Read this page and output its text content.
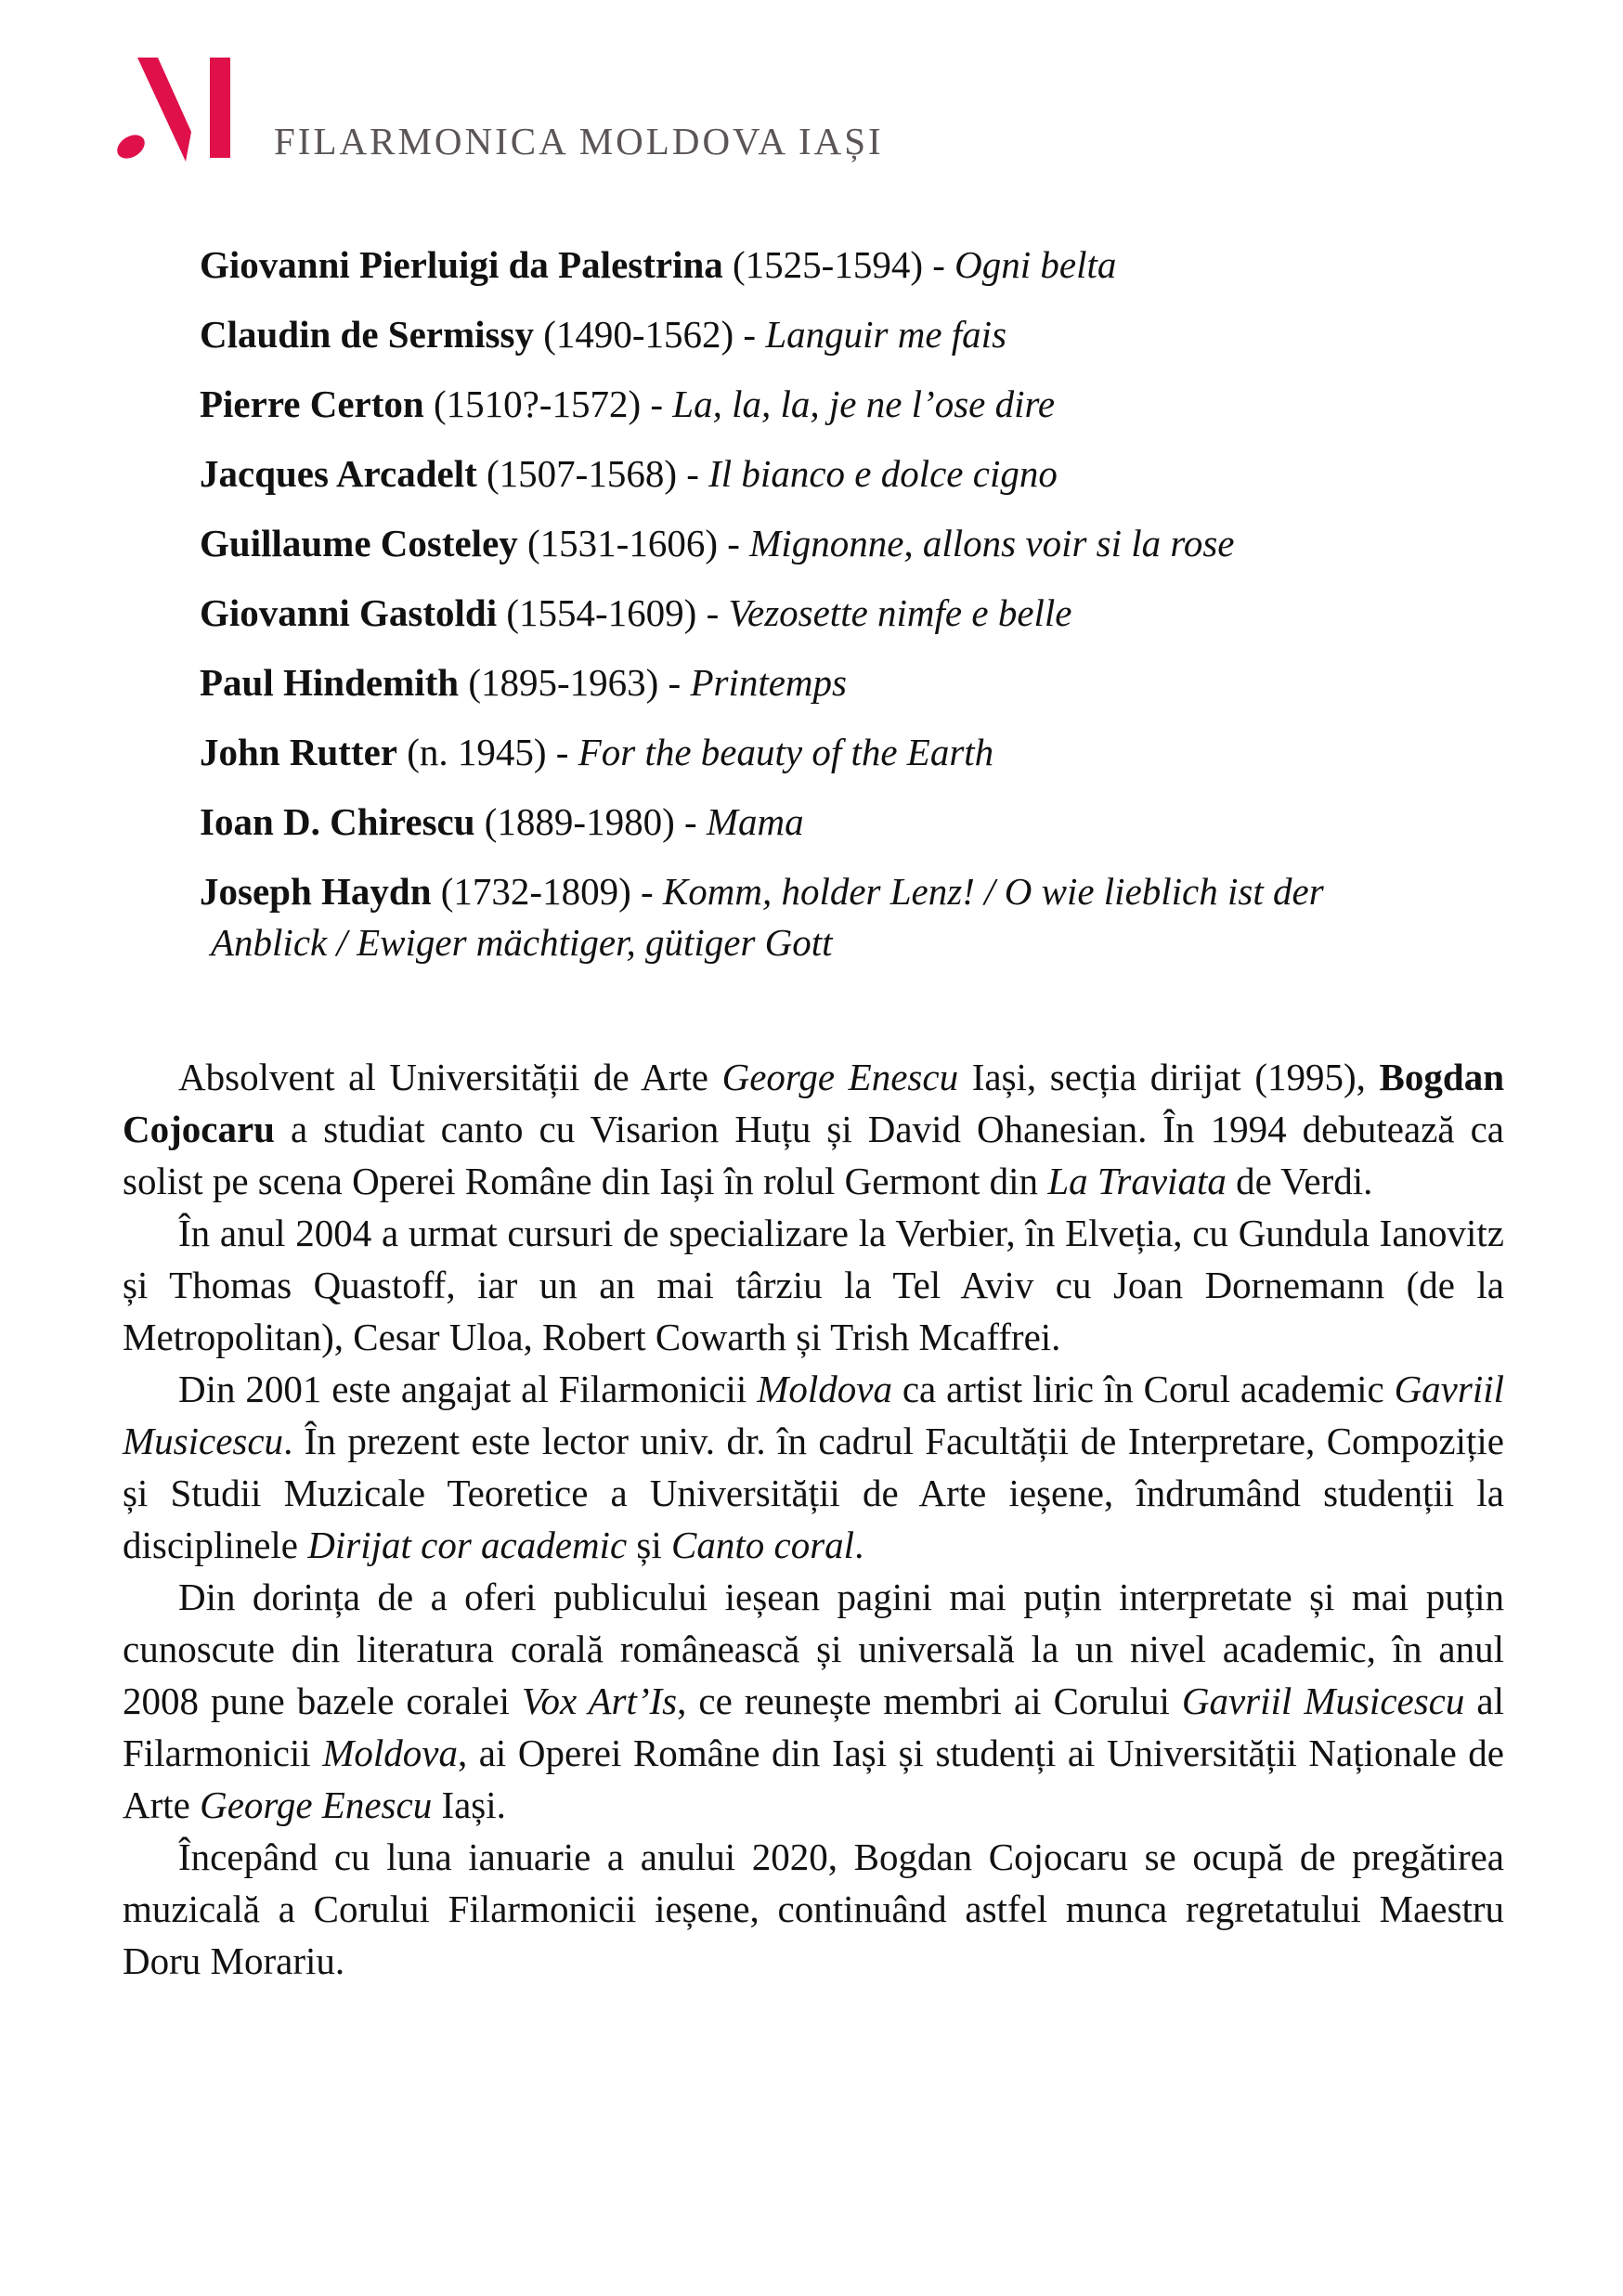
FILARMONICA MOLDOVA IAȘI
Giovanni Pierluigi da Palestrina (1525-1594) - Ogni belta
Claudin de Sermissy (1490-1562) - Languir me fais
Pierre Certon (1510?-1572) - La, la, la, je ne l’ose dire
Jacques Arcadelt (1507-1568) - Il bianco e dolce cigno
Guillaume Costeley (1531-1606) - Mignonne, allons voir si la rose
Giovanni Gastoldi (1554-1609) - Vezosette nimfe e belle
Paul Hindemith (1895-1963) - Printemps
John Rutter (n. 1945) - For the beauty of the Earth
Ioan D. Chirescu (1889-1980) - Mama
Joseph Haydn (1732-1809) - Komm, holder Lenz! / O wie lieblich ist der
Anblick / Ewiger mächtiger, gütiger Gott

Absolvent al Universității de Arte George Enescu Iași, secția dirijat (1995), Bogdan Cojocaru a studiat canto cu Visarion Huțu și David Ohanesian. În 1994 debutează ca solist pe scena Operei Române din Iași în rolul Germont din La Traviata de Verdi.

În anul 2004 a urmat cursuri de specializare la Verbier, în Elveția, cu Gundula Ianovitz și Thomas Quastoff, iar un an mai târziu la Tel Aviv cu Joan Dornemann (de la Metropolitan), Cesar Uloa, Robert Cowarth și Trish Mcaffrei.

Din 2001 este angajat al Filarmonicii Moldova ca artist liric în Corul academic Gavriil Musicescu. În prezent este lector univ. dr. în cadrul Facultății de Interpretare, Compoziție și Studii Muzicale Teoretice a Universității de Arte ieșene, îndrumând studenții la disciplinele Dirijat cor academic și Canto coral.

Din dorința de a oferi publicului ieșean pagini mai puțin interpretate și mai puțin cunoscute din literatura corală românească și universală la un nivel academic, în anul 2008 pune bazele coralei Vox Art’Is, ce reunește membri ai Corului Gavriil Musicescu al Filarmonicii Moldova, ai Operei Române din Iași și studenți ai Universității Naționale de Arte George Enescu Iași.

Începând cu luna ianuarie a anului 2020, Bogdan Cojocaru se ocupă de pregătirea muzicală a Corului Filarmonicii ieșene, continuând astfel munca regretatului Maestru Doru Morariu.
